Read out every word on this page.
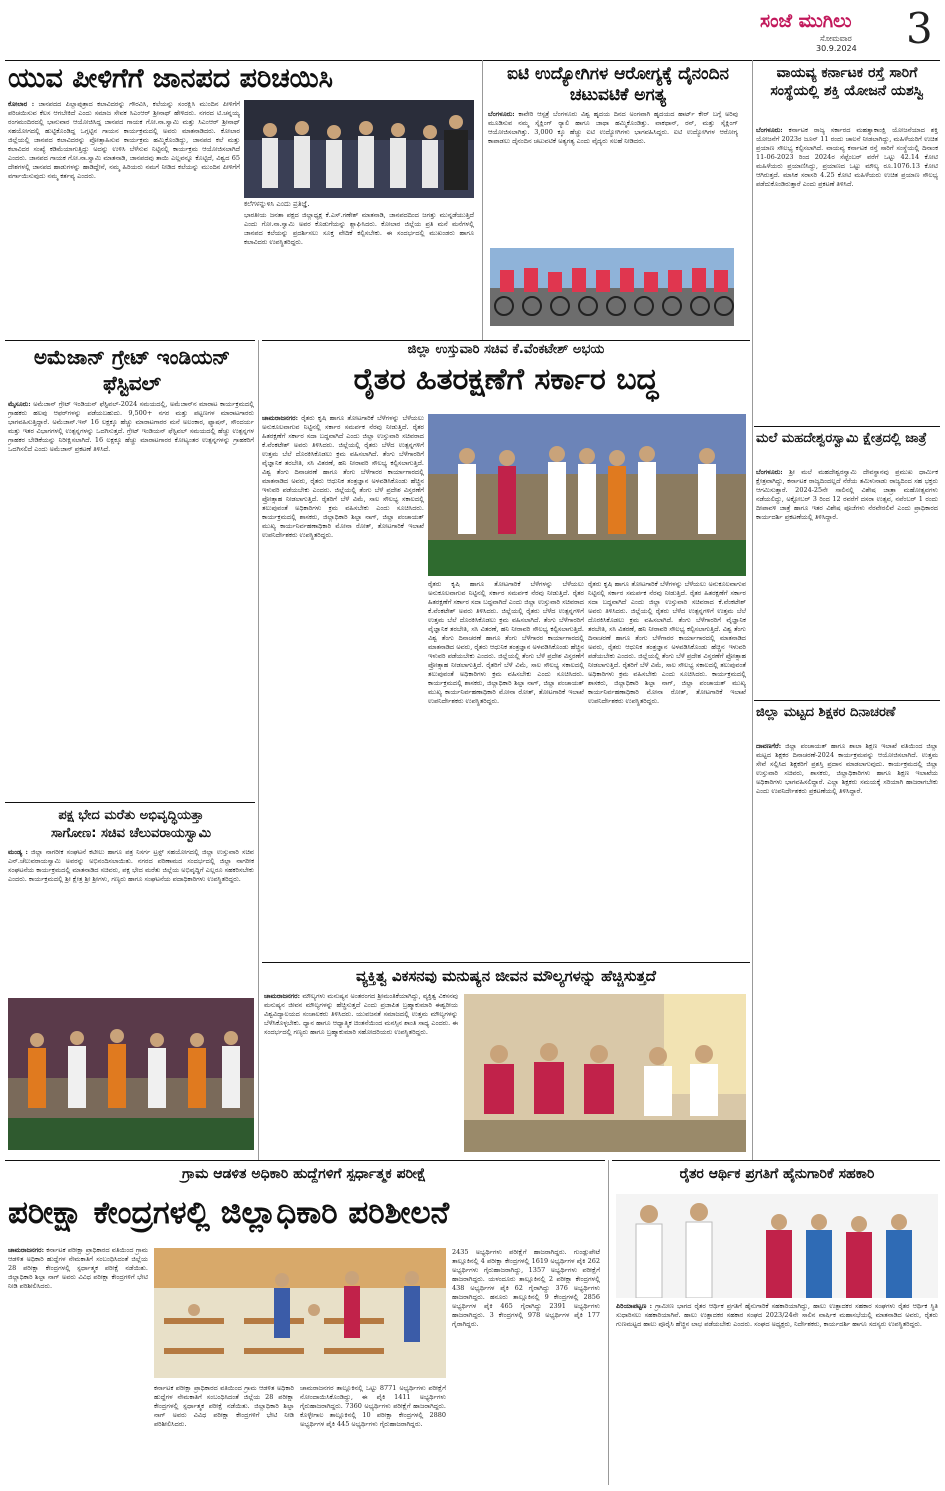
ಸಂಜೆ ಮುಗಿಲು
ಸೋಮವಾರ
30.9.2024 3
ಯುವ ಪೀಳಿಗೆಗೆ ಜಾನಪದ ಪರಿಚಯಿಸಿ
ಕೋಲಾರ : ಜಾನಪದದ ಪಿಲ್ಲಾಪುತ್ರಾದ ಕಲಾವಿದರನ್ನು ಗೌರವಿಸಿ, ಕಲೆಯನ್ನು ಸಂರಕ್ಷಿಸಿ ಮುಂದಿನ ಪೀಳಿಗೆಗೆ ಪರಿಚಯಿಸುವ ಕೆಲಸ ಆಗಬೇಕಿದೆ ಎಂದು ಸಮಾಜ ಸೇವಕ ಸಿಎಂಆರ್ ಶ್ರೀನಾಥ್ ಹೇಳಿದರು. ನಗರದ ಟಿ.ಚನ್ನಯ್ಯ ರಂಗಮಂದಿರದಲ್ಲಿ ಭಾನುವಾರ ಆಯೋಜಿಸಿದ್ದ ಜಾನಪದ ಗಾಯಕ ಗೋ.ನಾ.ಸ್ವಾಮಿ ಮತ್ತು ಸಿಎಂಆರ್ ಶ್ರೀನಾಥ್ ಸಹಯೋಗದಲ್ಲಿ ಹುಟ್ಟಿಕೊಂಡಿದ್ದ ಒಗ್ಗಟ್ಟಿನ ಗಾಯನ ಕಾರ್ಯಕ್ರಮದಲ್ಲಿ ಅವರು ಮಾತನಾಡಿದರು. ಕೋಲಾರ ಜಿಲ್ಲೆಯಲ್ಲಿ ಜಾನಪದ ಕಲಾವಿದರನ್ನು ಪ್ರೋತ್ಸಾಹಿಸುವ ಕಾರ್ಯಕ್ರಮ ಹಮ್ಮಿಕೊಂಡಿದ್ದು, ಜಾನಪದ ಕಲೆ ಮತ್ತು ಕಲಾವಿದರ ಸಂಖ್ಯೆ ಕಡಿಮೆಯಾಗುತ್ತಿದ್ದು ಅದನ್ನು ಉಳಿಸಿ ಬೆಳೆಸುವ ನಿಟ್ಟಿನಲ್ಲಿ ಕಾರ್ಯಕ್ರಮ ಆಯೋಜಿಸಲಾಗಿದೆ ಎಂದರು. ಜಾನಪದ ಗಾಯಕ ಗೋ.ನಾ.ಸ್ವಾಮಿ ಮಾತನಾಡಿ, ಜಾನಪದವು ತಾಯಿ ಎಲ್ಲವನ್ನೂ ಕೊಟ್ಟಿದೆ, ವಿಶ್ವದ 65 ದೇಶಗಳಲ್ಲಿ ಜಾನಪದ ಹಾಡುಗಳನ್ನು ಹಾಡಿದ್ದೇನೆ, ನಮ್ಮ ಹಿರಿಯರು ನಮಗೆ ನೀಡಿದ ಕಲೆಯನ್ನು ಮುಂದಿನ ಪೀಳಿಗೆಗೆ ವರ್ಗಾಯಿಸುವುದು ನಮ್ಮ ಕರ್ತವ್ಯ ಎಂದರು.
ಕಲೆಗಳನ್ನುಳಿಸಿ ಎಂದು ಪ್ರತಿಜ್ಞೆ.
ಭಾರತೀಯ ಜನತಾ ಪಕ್ಷದ ಜಿಲ್ಲಾಧ್ಯಕ್ಷ ಕೆ.ಎಸ್.ಗಣೇಶ್ ಮಾತನಾಡಿ, ಜಾನಪದದಿಂದ ಜಗತ್ತು ಮುನ್ನಡೆಯುತ್ತಿದೆ ಎಂದು ಗೋ.ನಾ.ಸ್ವಾಮಿ ಅವರ ಕೊಡುಗೆಯನ್ನು ಶ್ಲಾಘಿಸಿದರು. ಕೋಲಾರ ಜಿಲ್ಲೆಯ ಪ್ರತಿ ಮನೆ ಮನೆಗಳಲ್ಲಿ ಜಾನಪದ ಕಲೆಯನ್ನು ಪ್ರದರ್ಶಿಸಲು ಸೂಕ್ತ ವೇದಿಕೆ ಕಲ್ಪಿಸಬೇಕು. ಈ ಸಂದರ್ಭದಲ್ಲಿ ಮುಖಂಡರು ಹಾಗೂ ಕಲಾವಿದರು ಉಪಸ್ಥಿತರಿದ್ದರು.
ಐಟಿ ಉದ್ಯೋಗಿಗಳ ಆರೋಗ್ಯಕ್ಕೆ ದೈನಂದಿನ ಚಟುವಟಿಕೆ ಅಗತ್ಯ
ಬೆಂಗಳೂರು: ಕಾವೇರಿ ಆಸ್ಪತ್ರೆ ಬೆಂಗಳೂರು ವಿಶ್ವ ಹೃದಯ ದಿನದ ಅಂಗವಾಗಿ ಹೃದಯದ ಹಾರ್ಟ್ ಕೇರ್ ಬಗ್ಗೆ ಅರಿವು ಮೂಡಿಸುವ ನಮ್ಮ ಸೈಕ್ಲಿಂಗ್ ರ‍್ಯಾಲಿ ಹಾಗೂ ಜಾಥಾ ಹಮ್ಮಿಕೊಂಡಿತ್ತು. ವಾಕಥಾನ್, ರನ್, ಮತ್ತು ಸೈಕ್ಲಿಂಗ್ ಆಯೋಜಿಸಲಾಗಿತ್ತು. 3,000 ಕ್ಕೂ ಹೆಚ್ಚು ಐಟಿ ಉದ್ಯೋಗಿಗಳು ಭಾಗವಹಿಸಿದ್ದರು. ಐಟಿ ಉದ್ಯೋಗಿಗಳ ಆರೋಗ್ಯ ಕಾಪಾಡಲು ದೈನಂದಿನ ಚಟುವಟಿಕೆ ಅತ್ಯಗತ್ಯ ಎಂದು ವೈದ್ಯರು ಸಲಹೆ ನೀಡಿದರು.
ವಾಯವ್ಯ ಕರ್ನಾಟಕ ರಸ್ತೆ ಸಾರಿಗೆ ಸಂಸ್ಥೆಯಲ್ಲಿ ಶಕ್ತಿ ಯೋಜನೆ ಯಶಸ್ವಿ
ಬೆಂಗಳೂರು: ಕರ್ನಾಟಕ ರಾಜ್ಯ ಸರ್ಕಾರದ ಮಹತ್ವಾಕಾಂಕ್ಷಿ ಯೋಜನೆಯಾದ ಶಕ್ತಿ ಯೋಜನೆಗೆ 2023ರ ಜೂನ್ 11 ರಂದು ಚಾಲನೆ ನೀಡಲಾಗಿದ್ದು, ಮಹಿಳೆಯರಿಗೆ ಉಚಿತ ಪ್ರಯಾಣ ಸೌಲಭ್ಯ ಕಲ್ಪಿಸಲಾಗಿದೆ. ವಾಯವ್ಯ ಕರ್ನಾಟಕ ರಸ್ತೆ ಸಾರಿಗೆ ಸಂಸ್ಥೆಯಲ್ಲಿ ದಿನಾಂಕ 11-06-2023 ರಿಂದ 2024ರ ಸೆಪ್ಟೆಂಬರ್ ವರೆಗೆ ಒಟ್ಟು 42.14 ಕೋಟಿ ಮಹಿಳೆಯರು ಪ್ರಯಾಣಿಸಿದ್ದು, ಪ್ರಯಾಣದ ಒಟ್ಟು ಮೌಲ್ಯ ರೂ.1076.13 ಕೋಟಿ ಆಗಿರುತ್ತದೆ. ಮಾಸಿಕ ಸರಾಸರಿ 4.25 ಕೋಟಿ ಮಹಿಳೆಯರು ಉಚಿತ ಪ್ರಯಾಣ ಸೌಲಭ್ಯ ಪಡೆದುಕೊಂಡಿರುತ್ತಾರೆ ಎಂದು ಪ್ರಕಟಣೆ ತಿಳಿಸಿದೆ.
ಅಮೆಜಾನ್ ಗ್ರೇಟ್ ಇಂಡಿಯನ್ ಫೆಸ್ಟಿವಲ್
ಮೈಸೂರು: ಅಮೆಜಾನ್ ಗ್ರೇಟ್ ಇಂಡಿಯನ್ ಫೆಸ್ಟಿವಲ್-2024 ಸಮಯದಲ್ಲಿ, ಅಮೆಜಾನ್‌ನ ಮಾರಾಟ ಕಾರ್ಯಕ್ರಮದಲ್ಲಿ ಗ್ರಾಹಕರು ಹಲವು ಆಫರ್‌ಗಳನ್ನು ಪಡೆಯಬಹುದು. 9,500+ ನಗರ ಮತ್ತು ಪಟ್ಟಣಗಳ ಮಾರಾಟಗಾರರು ಭಾಗವಹಿಸುತ್ತಿದ್ದಾರೆ. ಅಮೆಜಾನ್.ಇನ್ 16 ಲಕ್ಷಕ್ಕೂ ಹೆಚ್ಚು ಮಾರಾಟಗಾರರ ಮನೆ ಅಲಂಕಾರ, ಫ್ಯಾಷನ್, ಸೌಂದರ್ಯ ಮತ್ತು ಇತರ ವಿಭಾಗಗಳಲ್ಲಿ ಉತ್ಪನ್ನಗಳನ್ನು ಒದಗಿಸುತ್ತದೆ. ಗ್ರೇಟ್ ಇಂಡಿಯನ್ ಫೆಸ್ಟಿವಲ್ ಸಮಯದಲ್ಲಿ ಹೆಚ್ಚು ಉತ್ಪನ್ನಗಳ ಗ್ರಾಹಕರ ಬೇಡಿಕೆಯನ್ನು ನಿರೀಕ್ಷಿಸಲಾಗಿದೆ. 16 ಲಕ್ಷಕ್ಕೂ ಹೆಚ್ಚು ಮಾರಾಟಗಾರರ ಕೋಟ್ಯಂತರ ಉತ್ಪನ್ನಗಳನ್ನು ಗ್ರಾಹಕರಿಗೆ ಒದಗಿಸಲಿದೆ ಎಂದು ಅಮೆಜಾನ್ ಪ್ರಕಟಣೆ ತಿಳಿಸಿದೆ.
ಜಿಲ್ಲಾ ಉಸ್ತುವಾರಿ ಸಚಿವ ಕೆ.ವೆಂಕಟೇಶ್ ಅಭಯ
ರೈತರ ಹಿತರಕ್ಷಣೆಗೆ ಸರ್ಕಾರ ಬದ್ಧ
ಚಾಮರಾಜನಗರ: ರೈತರು ಕೃಷಿ ಹಾಗೂ ತೋಟಗಾರಿಕೆ ಬೆಳೆಗಳನ್ನು ಬೆಳೆಯಲು ಅನುಕೂಲವಾಗುವ ನಿಟ್ಟಿನಲ್ಲಿ ಸರ್ಕಾರ ಸಮರ್ಪಕ ನೆರವು ನೀಡುತ್ತಿದೆ. ರೈತರ ಹಿತರಕ್ಷಣೆಗೆ ಸರ್ಕಾರ ಸದಾ ಬದ್ಧವಾಗಿದೆ ಎಂದು ಜಿಲ್ಲಾ ಉಸ್ತುವಾರಿ ಸಚಿವರಾದ ಕೆ.ವೆಂಕಟೇಶ್ ಅವರು ತಿಳಿಸಿದರು. ಜಿಲ್ಲೆಯಲ್ಲಿ ರೈತರು ಬೆಳೆದ ಉತ್ಪನ್ನಗಳಿಗೆ ಉತ್ತಮ ಬೆಲೆ ದೊರಕಿಸಿಕೊಡಲು ಕ್ರಮ ವಹಿಸಲಾಗಿದೆ. ತೆಂಗು ಬೆಳೆಗಾರರಿಗೆ ವೈಜ್ಞಾನಿಕ ತರಬೇತಿ, ಸಸಿ ವಿತರಣೆ, ಹನಿ ನೀರಾವರಿ ಸೌಲಭ್ಯ ಕಲ್ಪಿಸಲಾಗುತ್ತಿದೆ. ವಿಶ್ವ ತೆಂಗು ದಿನಾಚರಣೆ ಹಾಗೂ ತೆಂಗು ಬೆಳೆಗಾರರ ಕಾರ್ಯಾಗಾರದಲ್ಲಿ ಮಾತನಾಡಿದ ಅವರು, ರೈತರು ಆಧುನಿಕ ತಂತ್ರಜ್ಞಾನ ಅಳವಡಿಸಿಕೊಂಡು ಹೆಚ್ಚಿನ ಇಳುವರಿ ಪಡೆಯಬೇಕು ಎಂದರು. ಜಿಲ್ಲೆಯಲ್ಲಿ ತೆಂಗು ಬೆಳೆ ಪ್ರದೇಶ ವಿಸ್ತರಣೆಗೆ ಪ್ರೋತ್ಸಾಹ ನೀಡಲಾಗುತ್ತಿದೆ. ರೈತರಿಗೆ ಬೆಳೆ ವಿಮೆ, ಸಾಲ ಸೌಲಭ್ಯ ಸಕಾಲದಲ್ಲಿ ತಲುಪುವಂತೆ ಅಧಿಕಾರಿಗಳು ಕ್ರಮ ವಹಿಸಬೇಕು ಎಂದು ಸೂಚಿಸಿದರು. ಕಾರ್ಯಕ್ರಮದಲ್ಲಿ ಶಾಸಕರು, ಜಿಲ್ಲಾಧಿಕಾರಿ ಶಿಲ್ಪಾ ನಾಗ್, ಜಿಲ್ಲಾ ಪಂಚಾಯತ್ ಮುಖ್ಯ ಕಾರ್ಯನಿರ್ವಹಣಾಧಿಕಾರಿ ಮೋನಾ ರೋತ್, ತೋಟಗಾರಿಕೆ ಇಲಾಖೆ ಉಪನಿರ್ದೇಶಕರು ಉಪಸ್ಥಿತರಿದ್ದರು.
ರೈತರು ಕೃಷಿ ಹಾಗೂ ತೋಟಗಾರಿಕೆ ಬೆಳೆಗಳನ್ನು ಬೆಳೆಯಲು ಅನುಕೂಲವಾಗುವ ನಿಟ್ಟಿನಲ್ಲಿ ಸರ್ಕಾರ ಸಮರ್ಪಕ ನೆರವು ನೀಡುತ್ತಿದೆ. ರೈತರ ಹಿತರಕ್ಷಣೆಗೆ ಸರ್ಕಾರ ಸದಾ ಬದ್ಧವಾಗಿದೆ ಎಂದು ಜಿಲ್ಲಾ ಉಸ್ತುವಾರಿ ಸಚಿವರಾದ ಕೆ.ವೆಂಕಟೇಶ್ ಅವರು ತಿಳಿಸಿದರು. ಜಿಲ್ಲೆಯಲ್ಲಿ ರೈತರು ಬೆಳೆದ ಉತ್ಪನ್ನಗಳಿಗೆ ಉತ್ತಮ ಬೆಲೆ ದೊರಕಿಸಿಕೊಡಲು ಕ್ರಮ ವಹಿಸಲಾಗಿದೆ. ತೆಂಗು ಬೆಳೆಗಾರರಿಗೆ ವೈಜ್ಞಾನಿಕ ತರಬೇತಿ, ಸಸಿ ವಿತರಣೆ, ಹನಿ ನೀರಾವರಿ ಸೌಲಭ್ಯ ಕಲ್ಪಿಸಲಾಗುತ್ತಿದೆ. ವಿಶ್ವ ತೆಂಗು ದಿನಾಚರಣೆ ಹಾಗೂ ತೆಂಗು ಬೆಳೆಗಾರರ ಕಾರ್ಯಾಗಾರದಲ್ಲಿ ಮಾತನಾಡಿದ ಅವರು, ರೈತರು ಆಧುನಿಕ ತಂತ್ರಜ್ಞಾನ ಅಳವಡಿಸಿಕೊಂಡು ಹೆಚ್ಚಿನ ಇಳುವರಿ ಪಡೆಯಬೇಕು ಎಂದರು. ಜಿಲ್ಲೆಯಲ್ಲಿ ತೆಂಗು ಬೆಳೆ ಪ್ರದೇಶ ವಿಸ್ತರಣೆಗೆ ಪ್ರೋತ್ಸಾಹ ನೀಡಲಾಗುತ್ತಿದೆ. ರೈತರಿಗೆ ಬೆಳೆ ವಿಮೆ, ಸಾಲ ಸೌಲಭ್ಯ ಸಕಾಲದಲ್ಲಿ ತಲುಪುವಂತೆ ಅಧಿಕಾರಿಗಳು ಕ್ರಮ ವಹಿಸಬೇಕು ಎಂದು ಸೂಚಿಸಿದರು. ಕಾರ್ಯಕ್ರಮದಲ್ಲಿ ಶಾಸಕರು, ಜಿಲ್ಲಾಧಿಕಾರಿ ಶಿಲ್ಪಾ ನಾಗ್, ಜಿಲ್ಲಾ ಪಂಚಾಯತ್ ಮುಖ್ಯ ಕಾರ್ಯನಿರ್ವಹಣಾಧಿಕಾರಿ ಮೋನಾ ರೋತ್, ತೋಟಗಾರಿಕೆ ಇಲಾಖೆ ಉಪನಿರ್ದೇಶಕರು ಉಪಸ್ಥಿತರಿದ್ದರು.
ರೈತರು ಕೃಷಿ ಹಾಗೂ ತೋಟಗಾರಿಕೆ ಬೆಳೆಗಳನ್ನು ಬೆಳೆಯಲು ಅನುಕೂಲವಾಗುವ ನಿಟ್ಟಿನಲ್ಲಿ ಸರ್ಕಾರ ಸಮರ್ಪಕ ನೆರವು ನೀಡುತ್ತಿದೆ. ರೈತರ ಹಿತರಕ್ಷಣೆಗೆ ಸರ್ಕಾರ ಸದಾ ಬದ್ಧವಾಗಿದೆ ಎಂದು ಜಿಲ್ಲಾ ಉಸ್ತುವಾರಿ ಸಚಿವರಾದ ಕೆ.ವೆಂಕಟೇಶ್ ಅವರು ತಿಳಿಸಿದರು. ಜಿಲ್ಲೆಯಲ್ಲಿ ರೈತರು ಬೆಳೆದ ಉತ್ಪನ್ನಗಳಿಗೆ ಉತ್ತಮ ಬೆಲೆ ದೊರಕಿಸಿಕೊಡಲು ಕ್ರಮ ವಹಿಸಲಾಗಿದೆ. ತೆಂಗು ಬೆಳೆಗಾರರಿಗೆ ವೈಜ್ಞಾನಿಕ ತರಬೇತಿ, ಸಸಿ ವಿತರಣೆ, ಹನಿ ನೀರಾವರಿ ಸೌಲಭ್ಯ ಕಲ್ಪಿಸಲಾಗುತ್ತಿದೆ. ವಿಶ್ವ ತೆಂಗು ದಿನಾಚರಣೆ ಹಾಗೂ ತೆಂಗು ಬೆಳೆಗಾರರ ಕಾರ್ಯಾಗಾರದಲ್ಲಿ ಮಾತನಾಡಿದ ಅವರು, ರೈತರು ಆಧುನಿಕ ತಂತ್ರಜ್ಞಾನ ಅಳವಡಿಸಿಕೊಂಡು ಹೆಚ್ಚಿನ ಇಳುವರಿ ಪಡೆಯಬೇಕು ಎಂದರು. ಜಿಲ್ಲೆಯಲ್ಲಿ ತೆಂಗು ಬೆಳೆ ಪ್ರದೇಶ ವಿಸ್ತರಣೆಗೆ ಪ್ರೋತ್ಸಾಹ ನೀಡಲಾಗುತ್ತಿದೆ. ರೈತರಿಗೆ ಬೆಳೆ ವಿಮೆ, ಸಾಲ ಸೌಲಭ್ಯ ಸಕಾಲದಲ್ಲಿ ತಲುಪುವಂತೆ ಅಧಿಕಾರಿಗಳು ಕ್ರಮ ವಹಿಸಬೇಕು ಎಂದು ಸೂಚಿಸಿದರು. ಕಾರ್ಯಕ್ರಮದಲ್ಲಿ ಶಾಸಕರು, ಜಿಲ್ಲಾಧಿಕಾರಿ ಶಿಲ್ಪಾ ನಾಗ್, ಜಿಲ್ಲಾ ಪಂಚಾಯತ್ ಮುಖ್ಯ ಕಾರ್ಯನಿರ್ವಹಣಾಧಿಕಾರಿ ಮೋನಾ ರೋತ್, ತೋಟಗಾರಿಕೆ ಇಲಾಖೆ ಉಪನಿರ್ದೇಶಕರು ಉಪಸ್ಥಿತರಿದ್ದರು.
ಮಲೆ ಮಹದೇಶ್ವರಸ್ವಾಮಿ ಕ್ಷೇತ್ರದಲ್ಲಿ ಜಾತ್ರೆ
ಬೆಂಗಳೂರು: ಶ್ರೀ ಮಲೆ ಮಹದೇಶ್ವರಸ್ವಾಮಿ ದೇವಸ್ಥಾನವು ಪ್ರಮುಖ ಧಾರ್ಮಿಕ ಕ್ಷೇತ್ರವಾಗಿದ್ದು, ಕರ್ನಾಟಕ ರಾಜ್ಯದಿಂದಲ್ಲದೆ ನೆರೆಯ ತಮಿಳುನಾಡು ರಾಜ್ಯದಿಂದ ಸಹ ಭಕ್ತರು ಆಗಮಿಸುತ್ತಾರೆ. 2024-25ನೇ ಸಾಲಿನಲ್ಲಿ ವಿಶೇಷ ಜಾತ್ರಾ ಮಹೋತ್ಸವಗಳು ನಡೆಯಲಿದ್ದು, ಅಕ್ಟೋಬರ್ 3 ರಿಂದ 12 ರವರೆಗೆ ದಸರಾ ಉತ್ಸವ, ನವೆಂಬರ್ 1 ರಂದು ದೀಪಾವಳಿ ಜಾತ್ರೆ ಹಾಗೂ ಇತರ ವಿಶೇಷ ಪೂಜೆಗಳು ನೆರವೇರಲಿವೆ ಎಂದು ಪ್ರಾಧಿಕಾರದ ಕಾರ್ಯದರ್ಶಿ ಪ್ರಕಟಣೆಯಲ್ಲಿ ತಿಳಿಸಿದ್ದಾರೆ.
ಜಿಲ್ಲಾ ಮಟ್ಟದ ಶಿಕ್ಷಕರ ದಿನಾಚರಣೆ
ದಾವಣಗೆರೆ: ಜಿಲ್ಲಾ ಪಂಚಾಯತ್ ಹಾಗೂ ಶಾಲಾ ಶಿಕ್ಷಣ ಇಲಾಖೆ ವತಿಯಿಂದ ಜಿಲ್ಲಾ ಮಟ್ಟದ ಶಿಕ್ಷಕರ ದಿನಾಚರಣೆ-2024 ಕಾರ್ಯಕ್ರಮವನ್ನು ಆಯೋಜಿಸಲಾಗಿದೆ. ಉತ್ತಮ ಸೇವೆ ಸಲ್ಲಿಸಿದ ಶಿಕ್ಷಕರಿಗೆ ಪ್ರಶಸ್ತಿ ಪ್ರದಾನ ಮಾಡಲಾಗುವುದು. ಕಾರ್ಯಕ್ರಮದಲ್ಲಿ ಜಿಲ್ಲಾ ಉಸ್ತುವಾರಿ ಸಚಿವರು, ಶಾಸಕರು, ಜಿಲ್ಲಾಧಿಕಾರಿಗಳು ಹಾಗೂ ಶಿಕ್ಷಣ ಇಲಾಖೆಯ ಅಧಿಕಾರಿಗಳು ಭಾಗವಹಿಸಲಿದ್ದಾರೆ. ಎಲ್ಲಾ ಶಿಕ್ಷಕರು ಸಮಯಕ್ಕೆ ಸರಿಯಾಗಿ ಹಾಜರಾಗಬೇಕು ಎಂದು ಉಪನಿರ್ದೇಶಕರು ಪ್ರಕಟಣೆಯಲ್ಲಿ ತಿಳಿಸಿದ್ದಾರೆ.
ಪಕ್ಷ ಭೇದ ಮರೆತು ಅಭಿವೃದ್ಧಿಯತ್ತಾ
ಸಾಗೋಣ: ಸಚಿವ ಚೆಲುವರಾಯಸ್ವಾಮಿ
ಮಂಡ್ಯ : ಜಿಲ್ಲಾ ನಾಗರೀಕ ಸಂಘಟನೆ ಕಟೀಲು ಹಾಗೂ ಪತ್ರ ನಿಸರ್ಗ ಟ್ರಸ್ಟ್ ಸಹಯೋಗದಲ್ಲಿ ಜಿಲ್ಲಾ ಉಸ್ತುವಾರಿ ಸಚಿವ ಎನ್.ಚೆಲುವರಾಯಸ್ವಾಮಿ ಅವರನ್ನು ಅಭಿನಂದಿಸಲಾಯಿತು. ನಗರದ ಪರಿಣಾಮದ ಸಂದರ್ಭದಲ್ಲಿ ಜಿಲ್ಲಾ ನಾಗರೀಕ ಸಂಘಟನೆಯ ಕಾರ್ಯಕ್ರಮದಲ್ಲಿ ಮಾತನಾಡಿದ ಸಚಿವರು, ಪಕ್ಷ ಭೇದ ಮರೆತು ಜಿಲ್ಲೆಯ ಅಭಿವೃದ್ಧಿಗೆ ಎಲ್ಲರೂ ಸಹಕರಿಸಬೇಕು ಎಂದರು. ಕಾರ್ಯಕ್ರಮದಲ್ಲಿ ಶ್ರೀ ಕ್ಷೇತ್ರ ಶ್ರೀ ಶ್ರೀಗಳು, ಗಣ್ಯರು ಹಾಗೂ ಸಂಘಟನೆಯ ಪದಾಧಿಕಾರಿಗಳು ಉಪಸ್ಥಿತರಿದ್ದರು.
ವ್ಯಕ್ತಿತ್ವ ವಿಕಸನವು ಮನುಷ್ಯನ ಜೀವನ ಮೌಲ್ಯಗಳನ್ನು ಹೆಚ್ಚಿಸುತ್ತದೆ
ಚಾಮರಾಜನಗರ: ಮೌಲ್ಯಗಳು ಮನುಷ್ಯನ ಅಂತರಂಗದ ಶ್ರೀಮಂತಿಕೆಯಾಗಿದ್ದು, ವ್ಯಕ್ತಿತ್ವ ವಿಕಸನವು ಮನುಷ್ಯನ ಜೀವನ ಮೌಲ್ಯಗಳನ್ನು ಹೆಚ್ಚಿಸುತ್ತದೆ ಎಂದು ಪ್ರಜಾಪಿತ ಬ್ರಹ್ಮಾಕುಮಾರಿ ಈಶ್ವರೀಯ ವಿಶ್ವವಿದ್ಯಾಲಯದ ಸಂಚಾಲಕರು ತಿಳಿಸಿದರು. ಯುವಜನತೆ ಸಮಾಜದಲ್ಲಿ ಉತ್ತಮ ಮೌಲ್ಯಗಳನ್ನು ಬೆಳೆಸಿಕೊಳ್ಳಬೇಕು. ಧ್ಯಾನ ಹಾಗೂ ಆಧ್ಯಾತ್ಮಿಕ ಚಿಂತನೆಯಿಂದ ಮನಸ್ಸಿನ ಶಾಂತಿ ಸಾಧ್ಯ ಎಂದರು. ಈ ಸಂದರ್ಭದಲ್ಲಿ ಗಣ್ಯರು ಹಾಗೂ ಬ್ರಹ್ಮಾಕುಮಾರಿ ಸಹೋದರಿಯರು ಉಪಸ್ಥಿತರಿದ್ದರು.
ಗ್ರಾಮ ಆಡಳಿತ ಅಧಿಕಾರಿ ಹುದ್ದೆಗಳಿಗೆ ಸ್ಪರ್ಧಾತ್ಮಕ ಪರೀಕ್ಷೆ
ಪರೀಕ್ಷಾ ಕೇಂದ್ರಗಳಲ್ಲಿ ಜಿಲ್ಲಾಧಿಕಾರಿ ಪರಿಶೀಲನೆ
ಚಾಮರಾಜನಗರ: ಕರ್ನಾಟಕ ಪರೀಕ್ಷಾ ಪ್ರಾಧಿಕಾರದ ವತಿಯಿಂದ ಗ್ರಾಮ ಆಡಳಿತ ಅಧಿಕಾರಿ ಹುದ್ದೆಗಳ ನೇಮಕಾತಿಗೆ ಸಂಬಂಧಿಸಿದಂತೆ ಜಿಲ್ಲೆಯ 28 ಪರೀಕ್ಷಾ ಕೇಂದ್ರಗಳಲ್ಲಿ ಸ್ಪರ್ಧಾತ್ಮಕ ಪರೀಕ್ಷೆ ನಡೆಯಿತು. ಜಿಲ್ಲಾಧಿಕಾರಿ ಶಿಲ್ಪಾ ನಾಗ್ ಅವರು ವಿವಿಧ ಪರೀಕ್ಷಾ ಕೇಂದ್ರಗಳಿಗೆ ಭೇಟಿ ನೀಡಿ ಪರಿಶೀಲಿಸಿದರು.
ಕರ್ನಾಟಕ ಪರೀಕ್ಷಾ ಪ್ರಾಧಿಕಾರದ ವತಿಯಿಂದ ಗ್ರಾಮ ಆಡಳಿತ ಅಧಿಕಾರಿ ಹುದ್ದೆಗಳ ನೇಮಕಾತಿಗೆ ಸಂಬಂಧಿಸಿದಂತೆ ಜಿಲ್ಲೆಯ 28 ಪರೀಕ್ಷಾ ಕೇಂದ್ರಗಳಲ್ಲಿ ಸ್ಪರ್ಧಾತ್ಮಕ ಪರೀಕ್ಷೆ ನಡೆಯಿತು. ಜಿಲ್ಲಾಧಿಕಾರಿ ಶಿಲ್ಪಾ ನಾಗ್ ಅವರು ವಿವಿಧ ಪರೀಕ್ಷಾ ಕೇಂದ್ರಗಳಿಗೆ ಭೇಟಿ ನೀಡಿ ಪರಿಶೀಲಿಸಿದರು.
ಚಾಮರಾಜನಗರ ತಾಲ್ಲೂಕಿನಲ್ಲಿ ಒಟ್ಟು 8771 ಅಭ್ಯರ್ಥಿಗಳು ಪರೀಕ್ಷೆಗೆ ನೋಂದಾಯಿಸಿಕೊಂಡಿದ್ದು, ಈ ಪೈಕಿ 1411 ಅಭ್ಯರ್ಥಿಗಳು ಗೈರುಹಾಜರಾಗಿದ್ದರು. 7360 ಅಭ್ಯರ್ಥಿಗಳು ಪರೀಕ್ಷೆಗೆ ಹಾಜರಾಗಿದ್ದರು. ಕೊಳ್ಳೇಗಾಲ ತಾಲ್ಲೂಕಿನಲ್ಲಿ 10 ಪರೀಕ್ಷಾ ಕೇಂದ್ರಗಳಲ್ಲಿ 2880 ಅಭ್ಯರ್ಥಿಗಳ ಪೈಕಿ 445 ಅಭ್ಯರ್ಥಿಗಳು ಗೈರುಹಾಜರಾಗಿದ್ದರು.
2435 ಅಭ್ಯರ್ಥಿಗಳು ಪರೀಕ್ಷೆಗೆ ಹಾಜರಾಗಿದ್ದರು. ಗುಂಡ್ಲುಪೇಟೆ ತಾಲ್ಲೂಕಿನಲ್ಲಿ 4 ಪರೀಕ್ಷಾ ಕೇಂದ್ರಗಳಲ್ಲಿ 1619 ಅಭ್ಯರ್ಥಿಗಳ ಪೈಕಿ 262 ಅಭ್ಯರ್ಥಿಗಳು ಗೈರುಹಾಜರಾಗಿದ್ದು, 1357 ಅಭ್ಯರ್ಥಿಗಳು ಪರೀಕ್ಷೆಗೆ ಹಾಜರಾಗಿದ್ದರು. ಯಳಂದೂರು ತಾಲ್ಲೂಕಿನಲ್ಲಿ 2 ಪರೀಕ್ಷಾ ಕೇಂದ್ರಗಳಲ್ಲಿ 438 ಅಭ್ಯರ್ಥಿಗಳ ಪೈಕಿ 62 ಗೈರಾಗಿದ್ದು 376 ಅಭ್ಯರ್ಥಿಗಳು ಹಾಜರಾಗಿದ್ದರು. ಹನೂರು ತಾಲ್ಲೂಕಿನಲ್ಲಿ 9 ಕೇಂದ್ರಗಳಲ್ಲಿ 2856 ಅಭ್ಯರ್ಥಿಗಳ ಪೈಕಿ 465 ಗೈರಾಗಿದ್ದು 2391 ಅಭ್ಯರ್ಥಿಗಳು ಹಾಜರಾಗಿದ್ದರು. 3 ಕೇಂದ್ರಗಳಲ್ಲಿ 978 ಅಭ್ಯರ್ಥಿಗಳ ಪೈಕಿ 177 ಗೈರಾಗಿದ್ದರು.
ರೈತರ ಆರ್ಥಿಕ ಪ್ರಗತಿಗೆ ಹೈನುಗಾರಿಕೆ ಸಹಕಾರಿ
ಪಿರಿಯಾಪಟ್ಟಣ : ಗ್ರಾಮೀಣ ಭಾಗದ ರೈತರ ಆರ್ಥಿಕ ಪ್ರಗತಿಗೆ ಹೈನುಗಾರಿಕೆ ಸಹಕಾರಿಯಾಗಿದ್ದು, ಹಾಲು ಉತ್ಪಾದಕರ ಸಹಕಾರ ಸಂಘಗಳು ರೈತರ ಆರ್ಥಿಕ ಸ್ಥಿತಿ ಸುಧಾರಿಸಲು ಸಹಕಾರಿಯಾಗಿವೆ. ಹಾಲು ಉತ್ಪಾದಕರ ಸಹಕಾರ ಸಂಘದ 2023/24ನೇ ಸಾಲಿನ ವಾರ್ಷಿಕ ಮಹಾಸಭೆಯಲ್ಲಿ ಮಾತನಾಡಿದ ಅವರು, ರೈತರು ಗುಣಮಟ್ಟದ ಹಾಲು ಪೂರೈಸಿ ಹೆಚ್ಚಿನ ಲಾಭ ಪಡೆಯಬೇಕು ಎಂದರು. ಸಂಘದ ಅಧ್ಯಕ್ಷರು, ನಿರ್ದೇಶಕರು, ಕಾರ್ಯದರ್ಶಿ ಹಾಗೂ ಸದಸ್ಯರು ಉಪಸ್ಥಿತರಿದ್ದರು.
